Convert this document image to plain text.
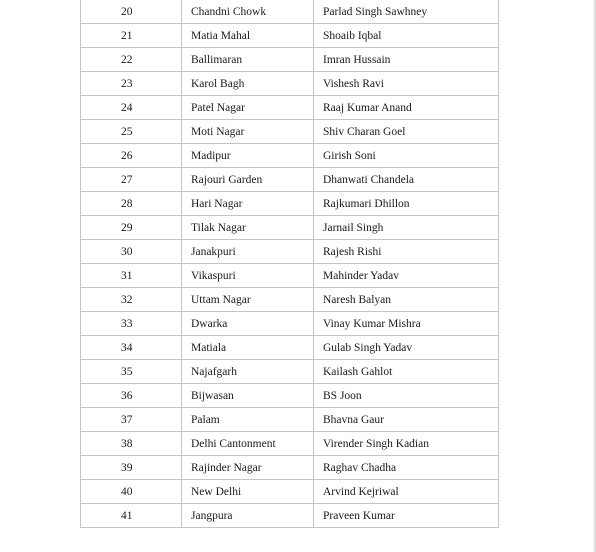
20	Chandni Chowk	Parlad Singh Sawhney
21	Matia Mahal	Shoaib Iqbal
22	Ballimaran	Imran Hussain
23	Karol Bagh	Vishesh Ravi
24	Patel Nagar	Raaj Kumar Anand
25	Moti Nagar	Shiv Charan Goel
26	Madipur	Girish Soni
27	Rajouri Garden	Dhanwati Chandela
28	Hari Nagar	Rajkumari Dhillon
29	Tilak Nagar	Jarnail Singh
30	Janakpuri	Rajesh Rishi
31	Vikaspuri	Mahinder Yadav
32	Uttam Nagar	Naresh Balyan
33	Dwarka	Vinay Kumar Mishra
34	Matiala	Gulab Singh Yadav
35	Najafgarh	Kailash Gahlot
36	Bijwasan	BS Joon
37	Palam	Bhavna Gaur
38	Delhi Cantonment	Virender Singh Kadian
39	Rajinder Nagar	Raghav Chadha
40	New Delhi	Arvind Kejriwal
41	Jangpura	Praveen Kumar
